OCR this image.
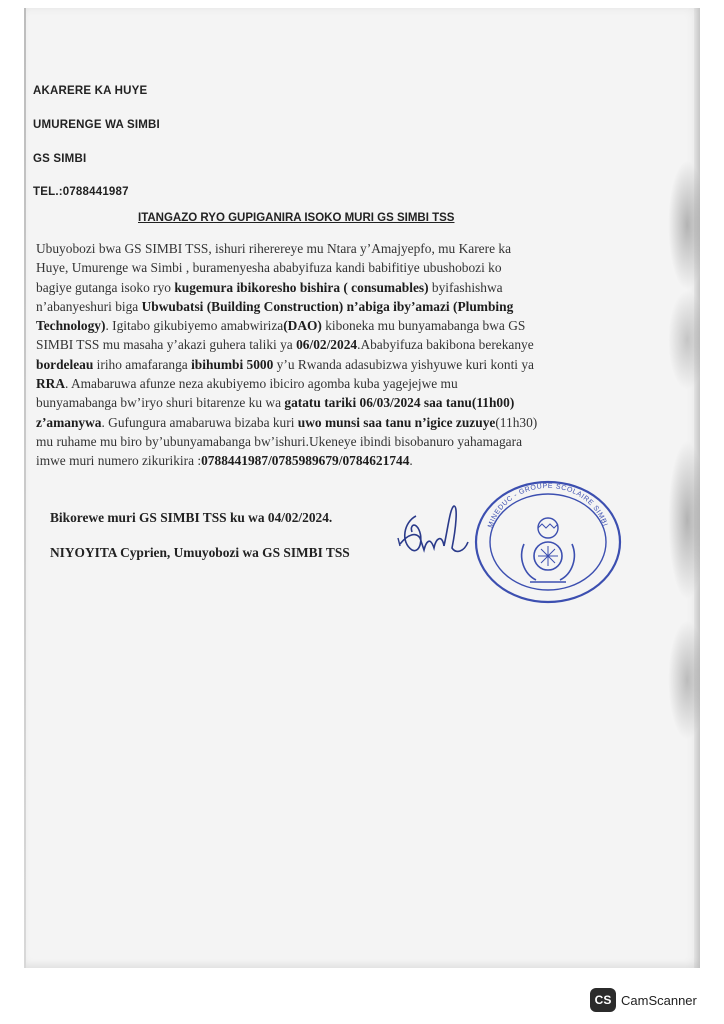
AKARERE KA HUYE
UMURENGE WA SIMBI
GS SIMBI
TEL.:0788441987
ITANGAZO RYO GUPIGANIRA ISOKO MURI GS SIMBI TSS
Ubuyobozi bwa GS SIMBI TSS, ishuri riherereye mu Ntara y’Amajyepfo, mu Karere ka
Huye, Umurenge wa Simbi , buramenyesha ababyifuza kandi babifitiye ubushobozi ko
bagiye gutanga isoko ryo kugemura ibikoresho bishira ( consumables) byifashishwa
n’abanyeshuri biga Ubwubatsi (Building Construction) n’abiga iby’amazi (Plumbing
Technology). Igitabo gikubiyemo amabwiriza(DAO) kiboneka mu bunyamabanga bwa GS
SIMBI TSS mu masaha y’akazi guhera taliki ya 06/02/2024.Ababyifuza bakibona berekanye
bordeleau iriho amafaranga ibihumbi 5000 y’u Rwanda adasubizwa yishyuwe kuri konti ya
RRA. Amabaruwa afunze neza akubiyemo ibiciro agomba kuba yagejejwe mu
bunyamabanga bw’iryo shuri bitarenze ku wa gatatu tariki 06/03/2024 saa tanu(11h00)
z’amanywa. Gufungura amabaruwa bizaba kuri uwo munsi saa tanu n’igice zuzuye(11h30)
mu ruhame mu biro by’ubunyamabanga bw’ishuri.Ukeneye ibindi bisobanuro yahamagara
imwe muri numero zikurikira :0788441987/0785989679/0784621744.
Bikorewe muri GS SIMBI TSS ku wa 04/02/2024.
NIYOYITA Cyprien, Umuyobozi wa GS SIMBI TSS
MINEDUC - GROUPE SCOLAIRE SIMBI
CS CamScanner
